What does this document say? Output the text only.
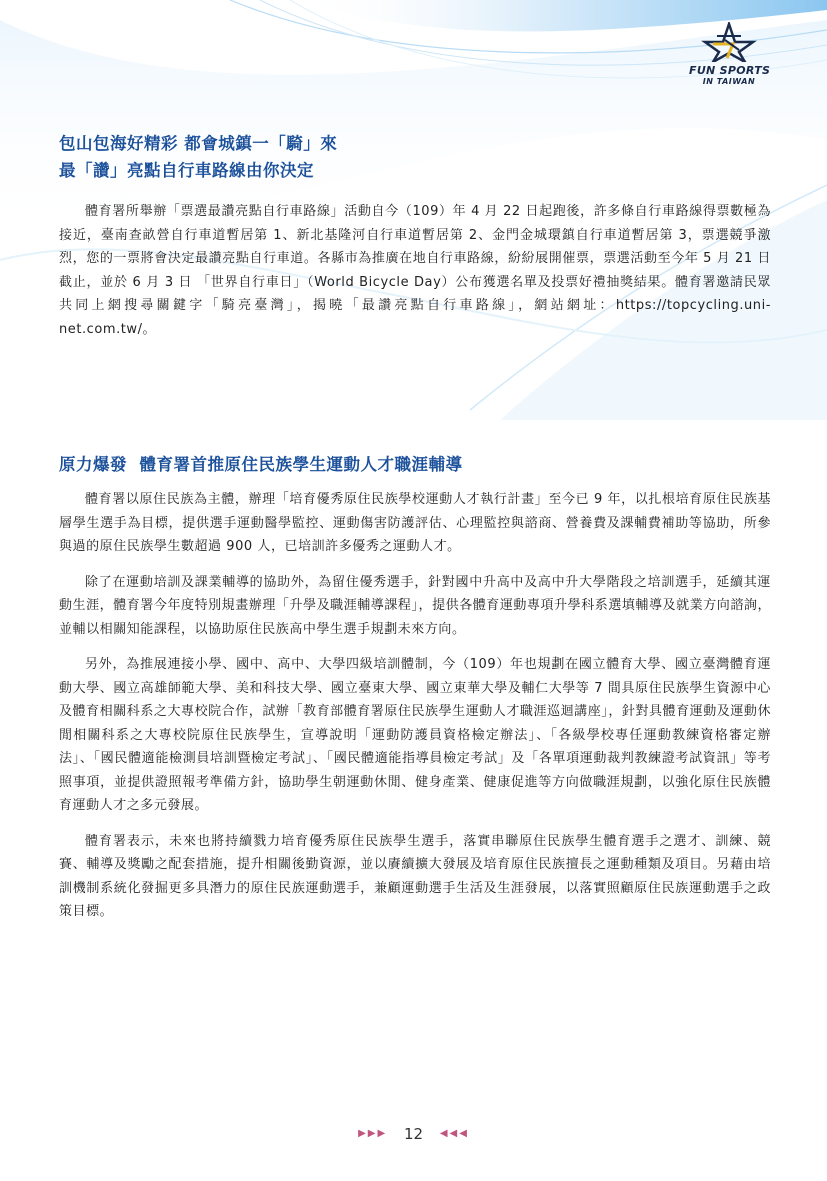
FUN SPORTS
IN TAIWAN

包山包海好精彩 都會城鎮一「騎」來

最「讚」亮點自行車路線由你決定

體育署所舉辦「票選最讚亮點自行車路線」活動自今（109）年 4 月 22 日起跑後，許多條自行車路線得票數極為接近，臺南查畝營自行車道暫居第 1、新北基隆河自行車道暫居第 2、金門金城環鎮自行車道暫居第 3，票選競爭激烈，您的一票將會決定最讚亮點自行車道。各縣市為推廣在地自行車路線，紛紛展開催票，票選活動至今年 5 月 21 日截止，並於 6 月 3 日 「世界自行車日」（World Bicycle Day）公布獲選名單及投票好禮抽獎結果。體育署邀請民眾共同上網搜尋關鍵字「騎亮臺灣」，揭曉「最讚亮點自行車路線」，網站網址：https://topcycling.uni-net.com.tw/。

原力爆發  體育署首推原住民族學生運動人才職涯輔導

體育署以原住民族為主體，辦理「培育優秀原住民族學校運動人才執行計畫」至今已 9 年，以扎根培育原住民族基層學生選手為目標，提供選手運動醫學監控、運動傷害防護評估、心理監控與諮商、營養費及課輔費補助等協助，所參與過的原住民族學生數超過 900 人，已培訓許多優秀之運動人才。

除了在運動培訓及課業輔導的協助外，為留住優秀選手，針對國中升高中及高中升大學階段之培訓選手，延續其運動生涯，體育署今年度特別規畫辦理「升學及職涯輔導課程」，提供各體育運動專項升學科系選填輔導及就業方向諮詢，並輔以相關知能課程，以協助原住民族高中學生選手規劃未來方向。

另外，為推展連接小學、國中、高中、大學四級培訓體制，今（109）年也規劃在國立體育大學、國立臺灣體育運動大學、國立高雄師範大學、美和科技大學、國立臺東大學、國立東華大學及輔仁大學等 7 間具原住民族學生資源中心及體育相關科系之大專校院合作，試辦「教育部體育署原住民族學生運動人才職涯巡迴講座」，針對具體育運動及運動休閒相關科系之大專校院原住民族學生，宣導說明「運動防護員資格檢定辦法」、「各級學校專任運動教練資格審定辦法」、「國民體適能檢測員培訓暨檢定考試」、「國民體適能指導員檢定考試」及「各單項運動裁判教練證考試資訊」等考照事項，並提供證照報考準備方針，協助學生朝運動休閒、健身產業、健康促進等方向做職涯規劃，以強化原住民族體育運動人才之多元發展。

體育署表示，未來也將持續戮力培育優秀原住民族學生選手，落實串聯原住民族學生體育選手之選才、訓練、競賽、輔導及獎勵之配套措施，提升相關後勤資源，並以賡續擴大發展及培育原住民族擅長之運動種類及項目。另藉由培訓機制系統化發掘更多具潛力的原住民族運動選手，兼顧運動選手生活及生涯發展，以落實照顧原住民族運動選手之政策目標。

▶▶▶ 12 ◀◀◀
